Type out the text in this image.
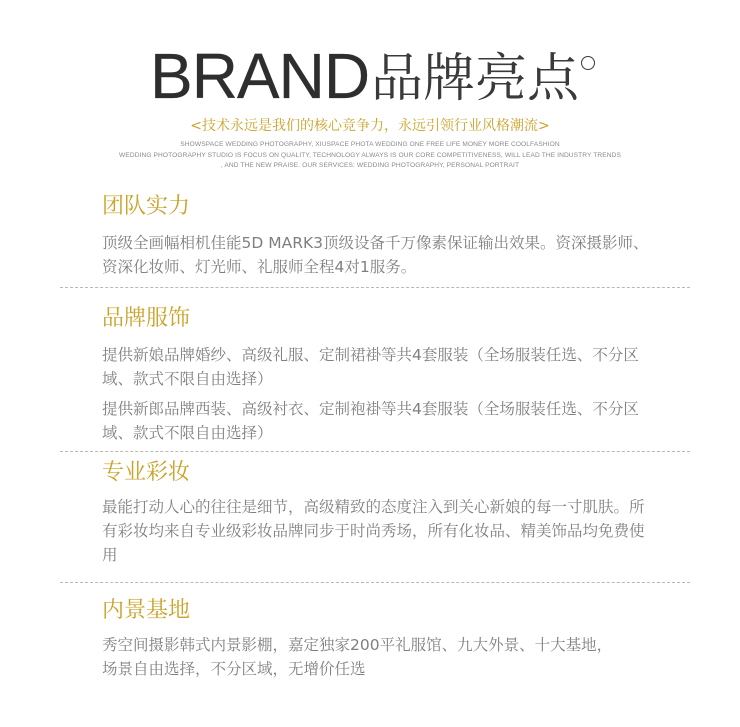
BRAND 品牌亮点
<技术永远是我们的核心竞争力，永远引领行业风格潮流>
SHOWSPACE WEDDING PHOTOGRAPHY, XIUSPACE PHOTA WEDDING ONE FREE LIFE MONEY MORE COOLFASHION
WEDDING PHOTOGRAPHY STUDIO IS FOCUS ON QUALITY, TECHNOLOGY ALWAYS IS OUR CORE COMPETITIVENESS, WILL LEAD THE INDUSTRY TRENDS
, AND THE NEW PRAISE. OUR SERVICES: WEDDING PHOTOGRAPHY, PERSONAL PORTRAIT
团队实力
顶级全画幅相机佳能5D MARK3顶级设备千万像素保证输出效果。资深摄影师、
资深化妆师、灯光师、礼服师全程4对1服务。
品牌服饰
提供新娘品牌婚纱、高级礼服、定制裙褂等共4套服装（全场服装任选、不分区
域、款式不限自由选择）
提供新郎品牌西装、高级衬衣、定制袍褂等共4套服装（全场服装任选、不分区
域、款式不限自由选择）
专业彩妆
最能打动人心的往往是细节，高级精致的态度注入到关心新娘的每一寸肌肤。所
有彩妆均来自专业级彩妆品牌同步于时尚秀场，所有化妆品、精美饰品均免费使
用
内景基地
秀空间摄影韩式内景影棚，嘉定独家200平礼服馆、九大外景、十大基地，
场景自由选择，不分区域，无增价任选
